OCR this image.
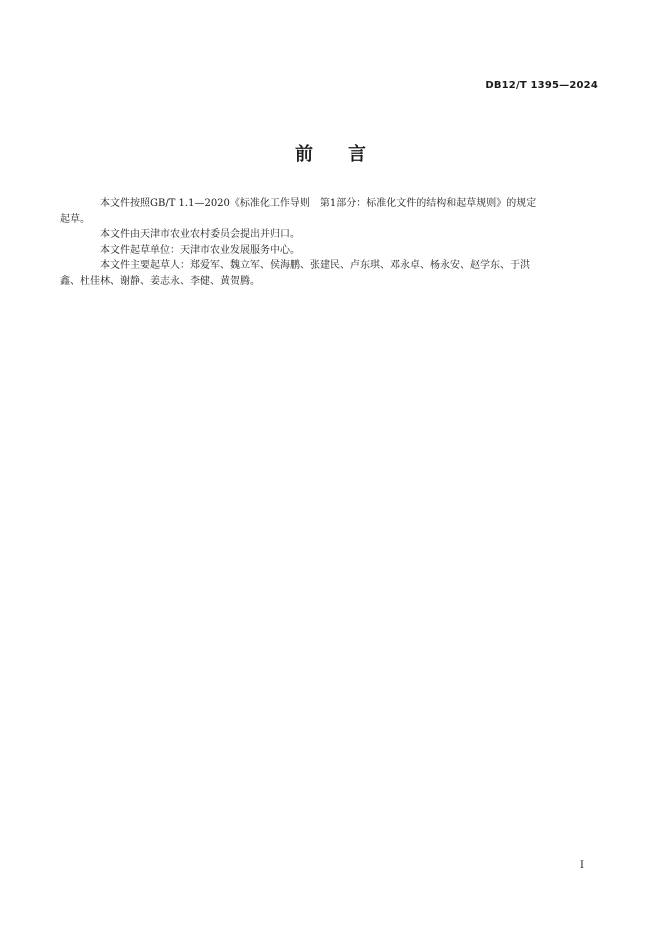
DB12/T 1395—2024
前 言

本文件按照GB/T 1.1—2020《标准化工作导则　第1部分：标准化文件的结构和起草规则》的规定
起草。

本文件由天津市农业农村委员会提出并归口。

本文件起草单位：天津市农业发展服务中心。

本文件主要起草人：郑爱军、魏立军、侯海鹏、张建民、卢东琪、邓永卓、杨永安、赵学东、于洪
鑫、杜佳林、谢静、姜志永、李健、黄贺腾。

I
